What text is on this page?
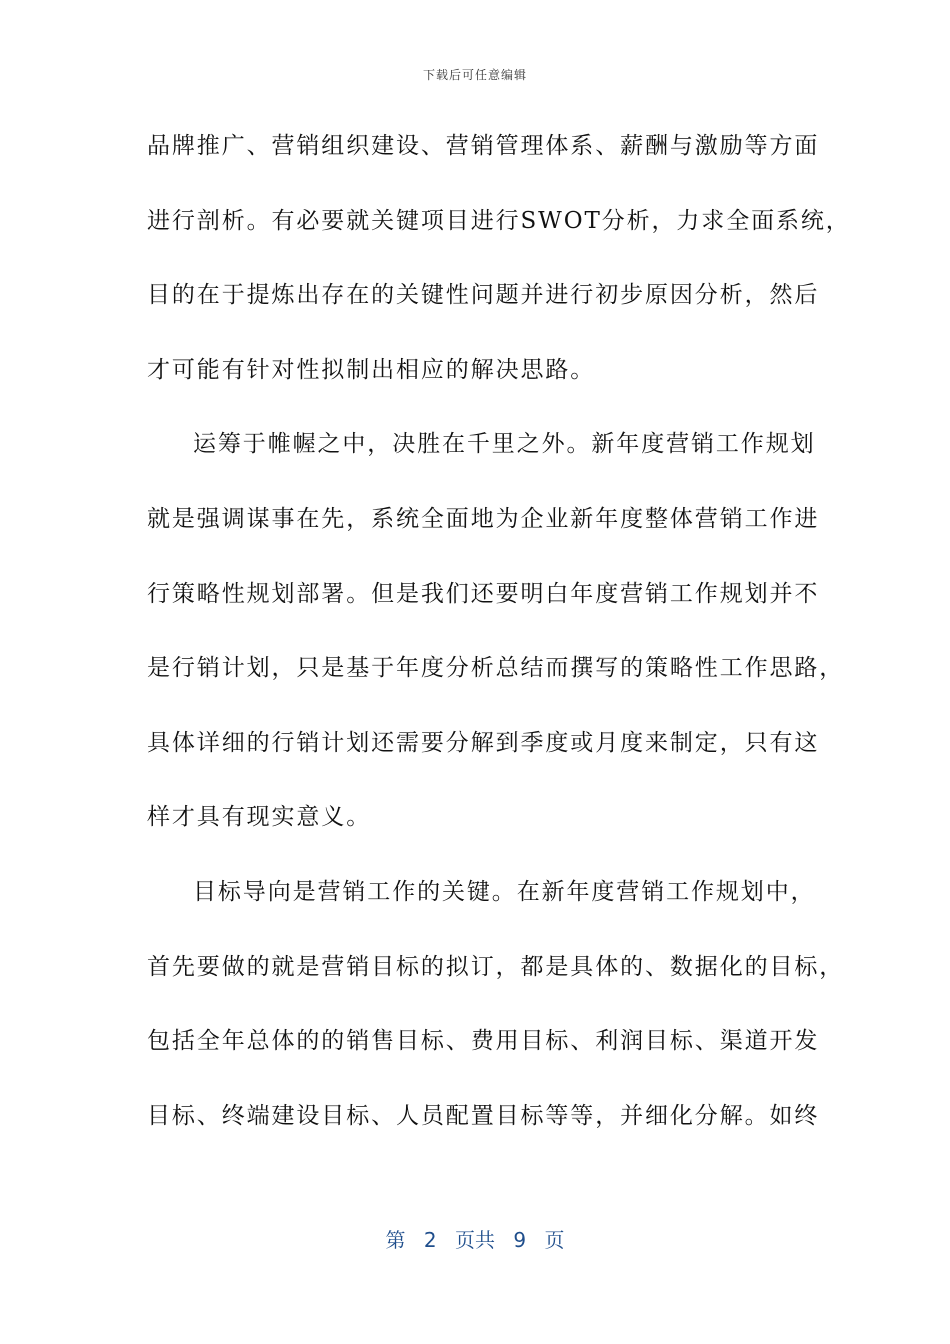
下载后可任意编辑
品牌推广、营销组织建设、营销管理体系、薪酬与激励等方面
进行剖析。有必要就关键项目进行SWOT分析，力求全面系统，
目的在于提炼出存在的关键性问题并进行初步原因分析，然后
才可能有针对性拟制出相应的解决思路。
运筹于帷幄之中，决胜在千里之外。新年度营销工作规划
就是强调谋事在先，系统全面地为企业新年度整体营销工作进
行策略性规划部署。但是我们还要明白年度营销工作规划并不
是行销计划，只是基于年度分析总结而撰写的策略性工作思路，
具体详细的行销计划还需要分解到季度或月度来制定，只有这
样才具有现实意义。
目标导向是营销工作的关键。在新年度营销工作规划中，
首先要做的就是营销目标的拟订，都是具体的、数据化的目标，
包括全年总体的的销售目标、费用目标、利润目标、渠道开发
目标、终端建设目标、人员配置目标等等，并细化分解。如终
第 2 页共 9 页
